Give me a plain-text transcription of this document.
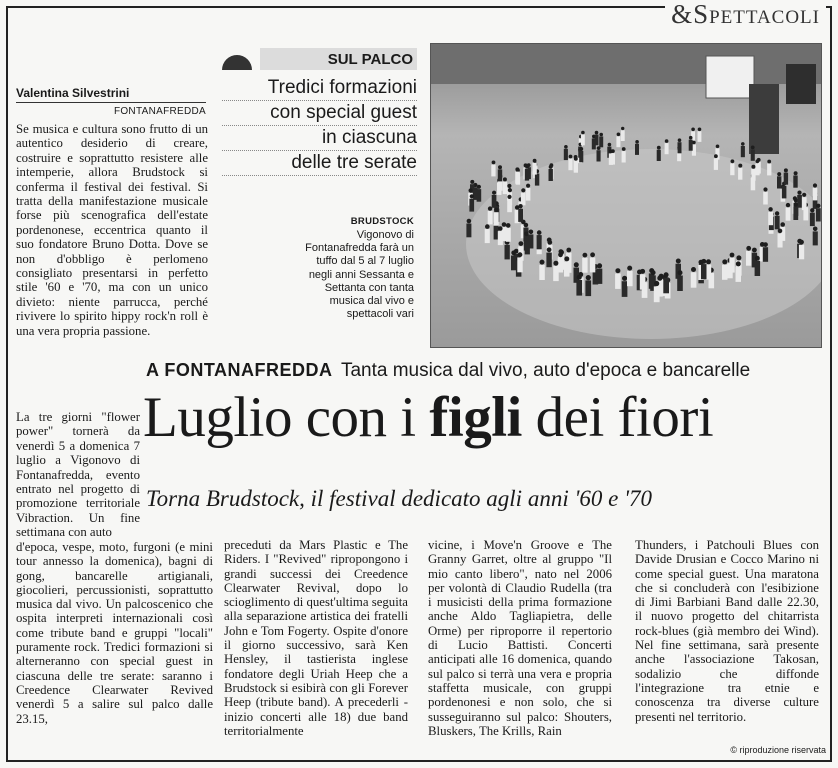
&Spettacoli
Valentina Silvestrini
FONTANAFREDDA

Se musica e cultura sono frutto di un autentico desiderio di creare, costruire e soprattutto resistere alle intemperie, allora Brudstock si conferma il festival dei festival. Si tratta della manifestazione musicale forse più scenografica dell'estate pordenonese, eccentrica quanto il suo fondatore Bruno Dotta. Dove se non d'obbligo è perlomeno consigliato presentarsi in perfetto stile '60 e '70, ma con un unico divieto: niente parrucca, perché rivivere lo spirito hippy rock'n roll è una vera propria passione.

La tre giorni "flower power" tornerà da venerdì 5 a domenica 7 luglio a Vigonovo di Fontanafredda, evento entrato nel progetto di promozione territoriale Vibraction. Un fine settimana con auto

d'epoca, vespe, moto, furgoni (e mini tour annesso la domenica), bagni di gong, bancarelle artigianali, giocolieri, percussionisti, soprattutto musica dal vivo. Un palcoscenico che ospita interpreti internazionali così come tribute band e gruppi "locali" puramente rock. Tredici formazioni si alterneranno con special guest in ciascuna delle tre serate: saranno i Creedence Clearwater Revived venerdì 5 a salire sul palco dalle 23.15,

SUL PALCO
Tredici formazioni
con special guest
in ciascuna
delle tre serate
BRUDSTOCK
Vigonovo di Fontanafredda farà un tuffo dal 5 al 7 luglio negli anni Sessanta e Settanta con tanta musica dal vivo e spettacoli vari
A FONTANAFREDDA Tanta musica dal vivo, auto d'epoca e bancarelle
Luglio con i figli dei fiori
Torna Brudstock, il festival dedicato agli anni '60 e '70

preceduti da Mars Plastic e The Riders. I "Revived" ripropongono i grandi successi dei Creedence Clearwater Revival, dopo lo scioglimento di quest'ultima seguita alla separazione artistica dei fratelli John e Tom Fogerty. Ospite d'onore il giorno successivo, sarà Ken Hensley, il tastierista inglese fondatore degli Uriah Heep che a Brudstock si esibirà con gli Forever Heep (tribute band). A precederli - inizio concerti alle 18) due band territorialmente

vicine, i Move'n Groove e The Granny Garret, oltre al gruppo "Il mio canto libero", nato nel 2006 per volontà di Claudio Rudella (tra i musicisti della prima formazione anche Aldo Tagliapietra, delle Orme) per riproporre il repertorio di Lucio Battisti. Concerti anticipati alle 16 domenica, quando sul palco si terrà una vera e propria staffetta musicale, con gruppi pordenonesi e non solo, che si susseguiranno sul palco: Shouters, Bluskers, The Krills, Rain

Thunders, i Patchouli Blues con Davide Drusian e Cocco Marino ni come special guest. Una maratona che si concluderà con l'esibizione di Jimi Barbiani Band dalle 22.30, il nuovo progetto del chitarrista rock-blues (già membro dei Wind). Nel fine settimana, sarà presente anche l'associazione Takosan, sodalizio che diffonde l'integrazione tra etnie e conoscenza tra diverse culture presenti nel territorio.

© riproduzione riservata
